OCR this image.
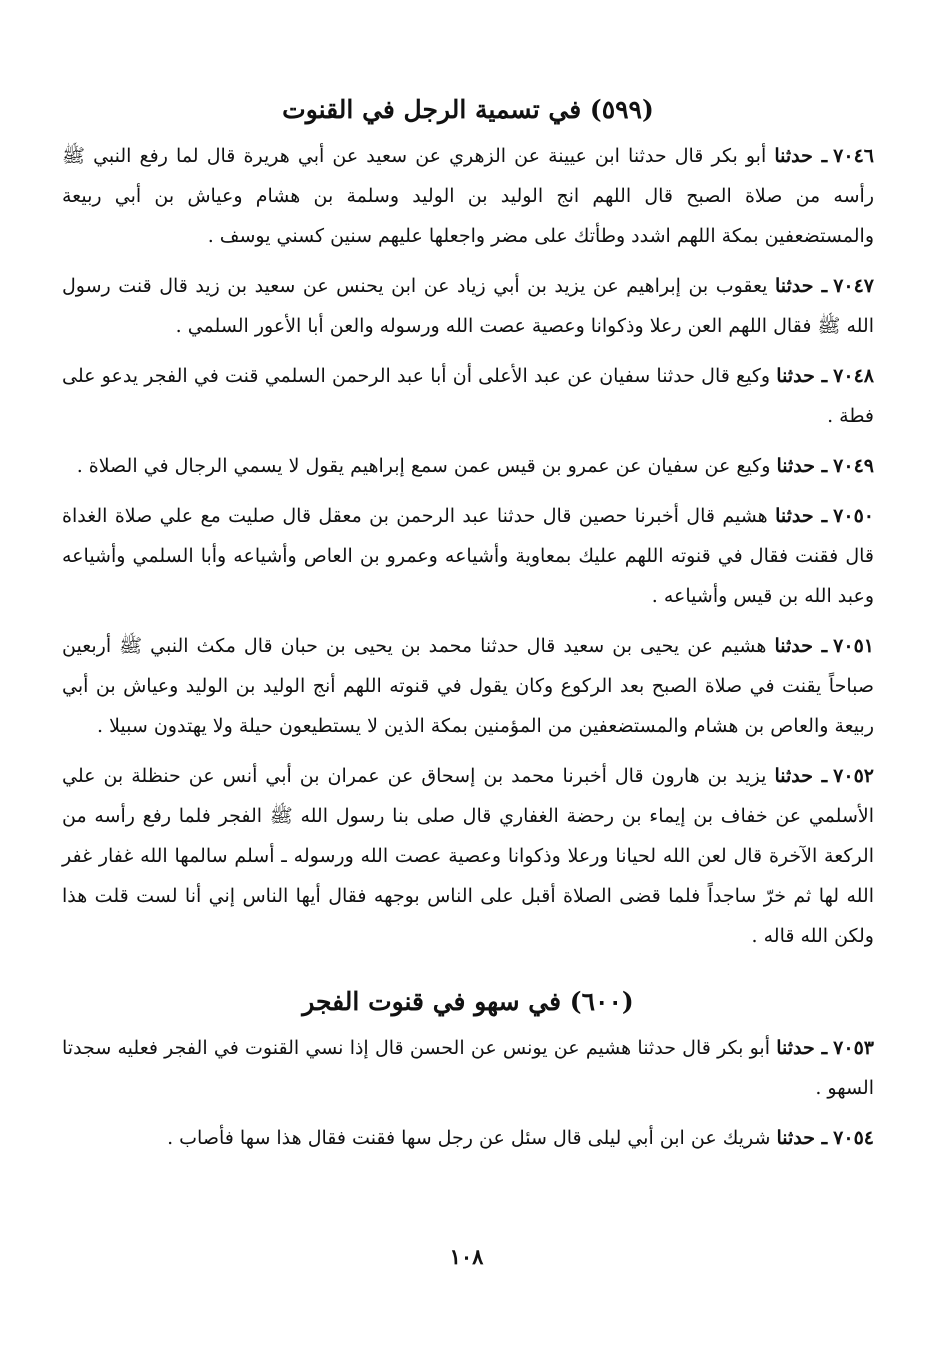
(٥٩٩) في تسمية الرجل في القنوت

٧٠٤٦ـ حدثنا أبو بكر قال حدثنا ابن عيينة عن الزهري عن سعيد عن أبي هريرة قال لما رفع النبي ﷺ رأسه من صلاة الصبح قال اللهم انج الوليد بن الوليد وسلمة بن هشام وعياش بن أبي ربيعة والمستضعفين بمكة اللهم اشدد وطأتك على مضر واجعلها عليهم سنين كسني يوسف .

٧٠٤٧ـ حدثنا يعقوب بن إبراهيم عن يزيد بن أبي زياد عن ابن يحنس عن سعيد بن زيد قال قنت رسول الله ﷺ فقال اللهم العن رعلا وذكوانا وعصية عصت الله ورسوله والعن أبا الأعور السلمي .

٧٠٤٨ـ حدثنا وكيع قال حدثنا سفيان عن عبد الأعلى أن أبا عبد الرحمن السلمي قنت في الفجر يدعو على فطة .

٧٠٤٩ـ حدثنا وكيع عن سفيان عن عمرو بن قيس عمن سمع إبراهيم يقول لا يسمي الرجال في الصلاة .

٧٠٥٠ـ حدثنا هشيم قال أخبرنا حصين قال حدثنا عبد الرحمن بن معقل قال صليت مع علي صلاة الغداة قال فقنت فقال في قنوته اللهم عليك بمعاوية وأشياعه وعمرو بن العاص وأشياعه وأبا السلمي وأشياعه وعبد الله بن قيس وأشياعه .

٧٠٥١ـ حدثنا هشيم عن يحيى بن سعيد قال حدثنا محمد بن يحيى بن حبان قال مكث النبي ﷺ أربعين صباحاً يقنت في صلاة الصبح بعد الركوع وكان يقول في قنوته اللهم أنج الوليد بن الوليد وعياش بن أبي ربيعة والعاص بن هشام والمستضعفين من المؤمنين بمكة الذين لا يستطيعون حيلة ولا يهتدون سبيلا .

٧٠٥٢ـ حدثنا يزيد بن هارون قال أخبرنا محمد بن إسحاق عن عمران بن أبي أنس عن حنظلة بن علي الأسلمي عن خفاف بن إيماء بن رحضة الغفاري قال صلى بنا رسول الله ﷺ الفجر فلما رفع رأسه من الركعة الآخرة قال لعن الله لحيانا ورعلا وذكوانا وعصية عصت الله ورسوله ـ أسلم سالمها الله غفار غفر الله لها ثم خرّ ساجداً فلما قضى الصلاة أقبل على الناس بوجهه فقال أيها الناس إني أنا لست قلت هذا ولكن الله قاله .

(٦٠٠) في سهو في قنوت الفجر

٧٠٥٣ـ حدثنا أبو بكر قال حدثنا هشيم عن يونس عن الحسن قال إذا نسي القنوت في الفجر فعليه سجدتا السهو .

٧٠٥٤ـ حدثنا شريك عن ابن أبي ليلى قال سئل عن رجل سها فقنت فقال هذا سها فأصاب .

١٠٨
